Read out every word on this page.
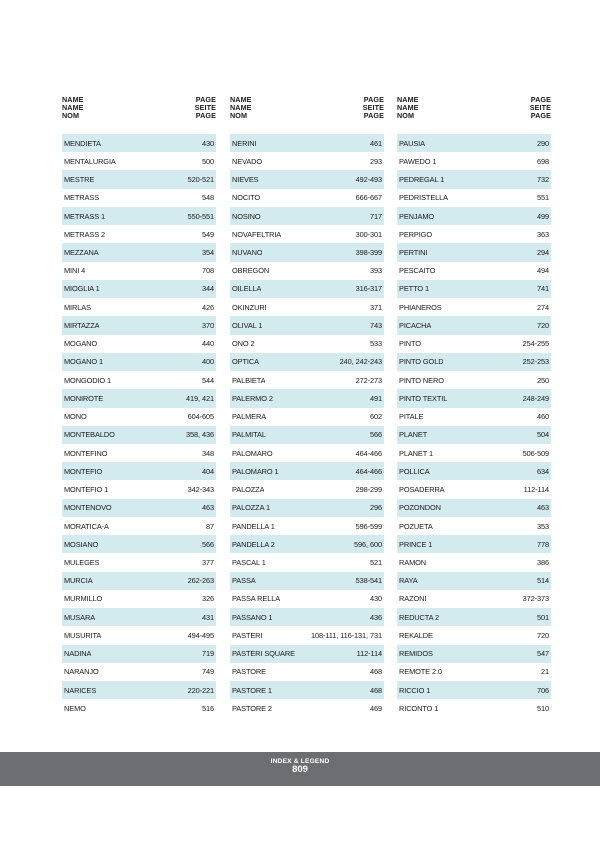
NAME
NAME
NOM
PAGE
SEITE
PAGE
MENDIETA	430
MENTALURGIA	500
MESTRE	520-521
METRASS	548
METRASS 1	550-551
METRASS 2	549
MEZZANA	354
MINI 4	708
MIOGLIA 1	344
MIRLAS	426
MIRTAZZA	370
MOGANO	440
MOGANO 1	400
MONGODIO 1	544
MONIROTE	419, 421
MONO	604-605
MONTEBALDO	358, 436
MONTEFINO	348
MONTEFIO	404
MONTEFIO 1	342-343
MONTENOVO	463
MORATICA-A	87
MOSIANO	566
MULEGES	377
MURCIA	262-263
MURMILLO	326
MUSARA	431
MUSURITA	494-495
NADINA	719
NARANJO	749
NARICES	220-221
NEMO	516
NAME
NAME
NOM
PAGE
SEITE
PAGE
NERINI	461
NEVADO	293
NIEVES	492-493
NOCITO	666-667
NOSINO	717
NOVAFELTRIA	300-301
NUVANO	398-399
OBREGON	393
OILELLA	316-317
OKINZURI	371
OLIVAL 1	743
ONO 2	533
OPTICA	240, 242-243
PALBIETA	272-273
PALERMO 2	491
PALMERA	602
PALMITAL	566
PALOMARO	464-466
PALOMARO 1	464-466
PALOZZA	298-299
PALOZZA 1	296
PANDELLA 1	596-599
PANDELLA 2	596, 600
PASCAL 1	521
PASSA	538-541
PASSA RELLA	430
PASSANO 1	436
PASTERI	108-111, 116-131, 731
PASTERI SQUARE	112-114
PASTORE	468
PASTORE 1	468
PASTORE 2	469
NAME
NAME
NOM
PAGE
SEITE
PAGE
PAUSIA	290
PAWEDO 1	698
PEDREGAL 1	732
PEDRISTELLA	551
PENJAMO	499
PERPIGO	363
PERTINI	294
PESCAITO	494
PETTO 1	741
PHIANEROS	274
PICACHA	720
PINTO	254-255
PINTO GOLD	252-253
PINTO NERO	250
PINTO TEXTIL	248-249
PITALE	460
PLANET	504
PLANET 1	506-509
POLLICA	634
POSADERRA	112-114
POZONDON	463
POZUETA	353
PRINCE 1	778
RAMON	386
RAYA	514
RAZONI	372-373
REDUCTA 2	501
REKALDE	720
REMIDOS	547
REMOTE 2.0	21
RICCIO 1	706
RICONTO 1	510
INDEX & LEGEND
809
